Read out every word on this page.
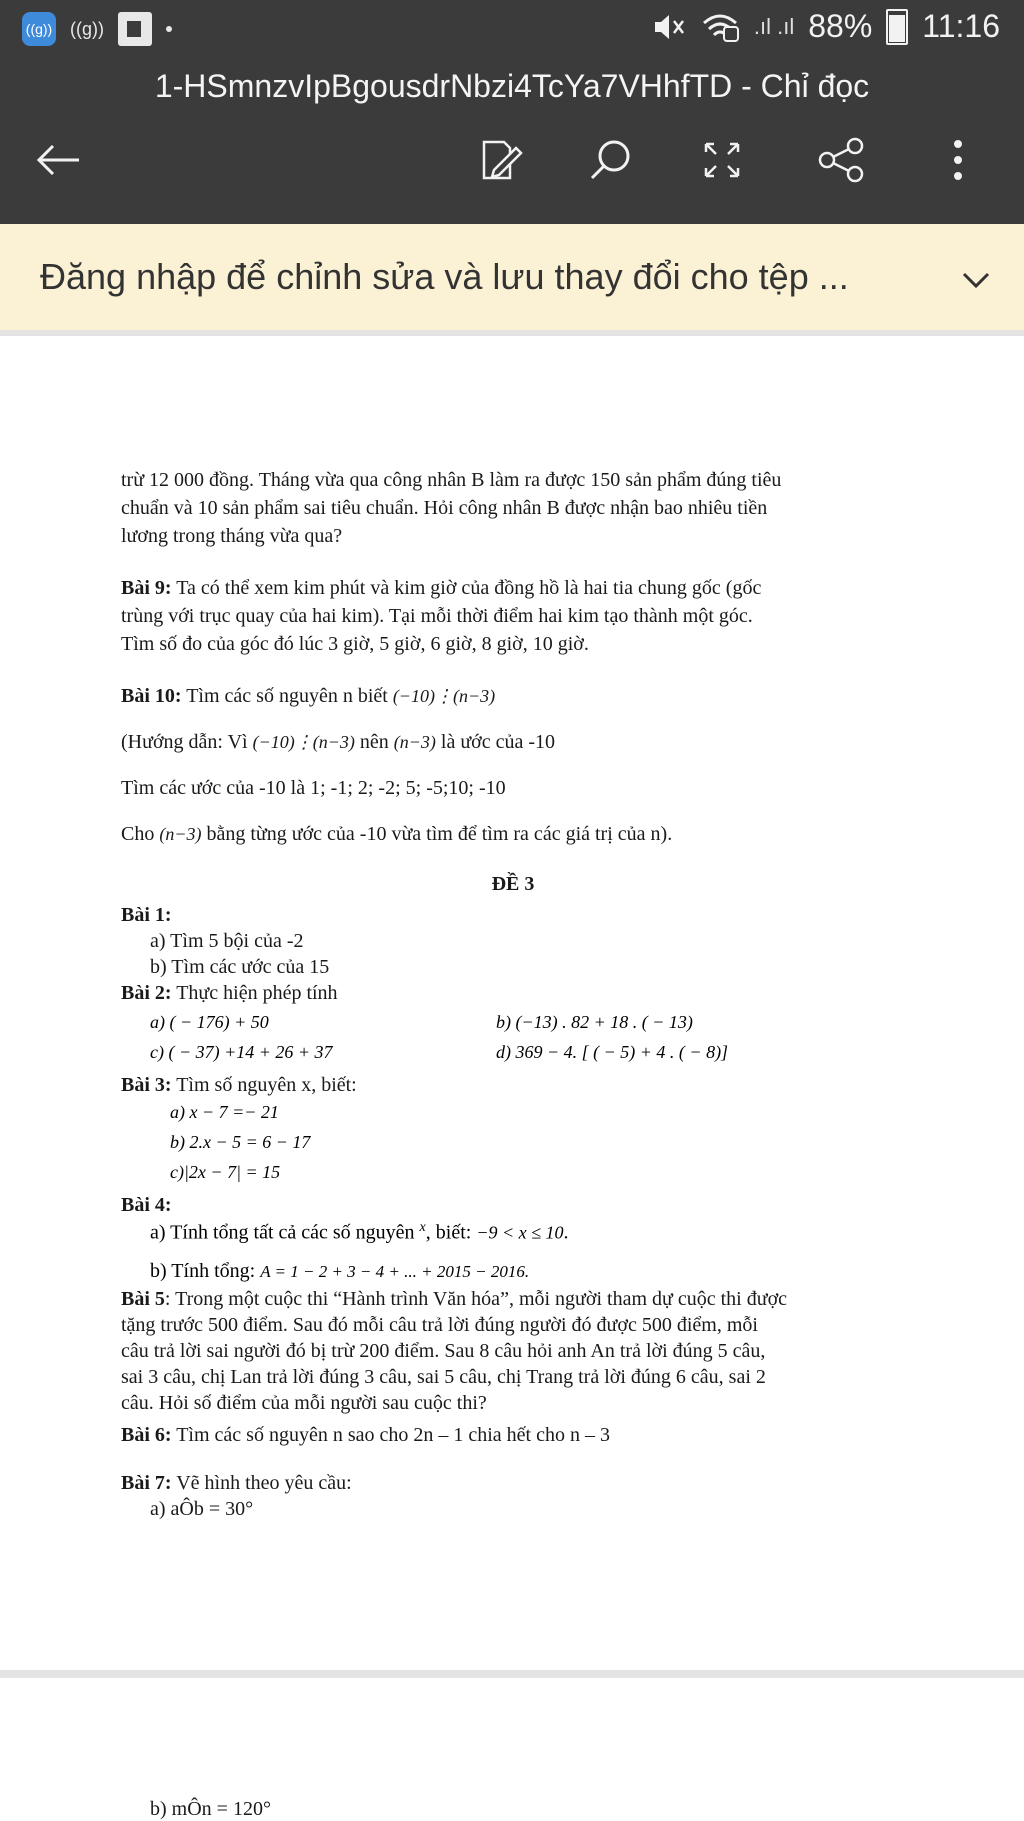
((g)) ((g))	.ıl .ıl 88% 11:16
1-HSmnzvIpBgousdrNbzi4TcYa7VHhfTD - Chỉ đọc
Đăng nhập để chỉnh sửa và lưu thay đổi cho tệp ...
trừ 12 000 đồng. Tháng vừa qua công nhân B làm ra được 150 sản phẩm đúng tiêu
chuẩn và 10 sản phẩm sai tiêu chuẩn. Hỏi công nhân B được nhận bao nhiêu tiền
lương trong tháng vừa qua?
Bài 9: Ta có thể xem kim phút và kim giờ của đồng hồ là hai tia chung gốc (gốc
trùng với trục quay của hai kim). Tại mỗi thời điểm hai kim tạo thành một góc.
Tìm số đo của góc đó lúc 3 giờ, 5 giờ, 6 giờ, 8 giờ, 10 giờ.
Bài 10: Tìm các số nguyên n biết (−10)⋮(n−3)
(Hướng dẫn: Vì (−10)⋮(n−3) nên (n−3) là ước của -10
Tìm các ước của -10 là 1; -1; 2; -2; 5; -5;10; -10
Cho (n−3) bằng từng ước của -10 vừa tìm để tìm ra các giá trị của n).
ĐỀ 3
Bài 1:
a) Tìm 5 bội của -2
b) Tìm các ước của 15
Bài 2: Thực hiện phép tính
a) ( − 176) + 50	b) (−13) . 82 + 18 . ( − 13)
c) ( − 37) +14 + 26 + 37	d) 369 − 4. [ ( − 5) + 4 . ( − 8)]
Bài 3: Tìm số nguyên x, biết:
a) x − 7 =− 21
b) 2.x − 5 = 6 − 17
c)|2x − 7| = 15
Bài 4:
a) Tính tổng tất cả các số nguyên $^x$, biết: −9 < x ≤ 10.
b) Tính tổng: A = 1 − 2 + 3 − 4 + ... + 2015 − 2016.
Bài 5: Trong một cuộc thi “Hành trình Văn hóa”, mỗi người tham dự cuộc thi được
tặng trước 500 điểm. Sau đó mỗi câu trả lời đúng người đó được 500 điểm, mỗi
câu trả lời sai người đó bị trừ 200 điểm. Sau 8 câu hỏi anh An trả lời đúng 5 câu,
sai 3 câu, chị Lan trả lời đúng 3 câu, sai 5 câu, chị Trang trả lời đúng 6 câu, sai 2
câu. Hỏi số điểm của mỗi người sau cuộc thi?
Bài 6: Tìm các số nguyên n sao cho 2n – 1 chia hết cho n – 3
Bài 7: Vẽ hình theo yêu cầu:
a) aÔb = 30°
b) mÔn = 120°
